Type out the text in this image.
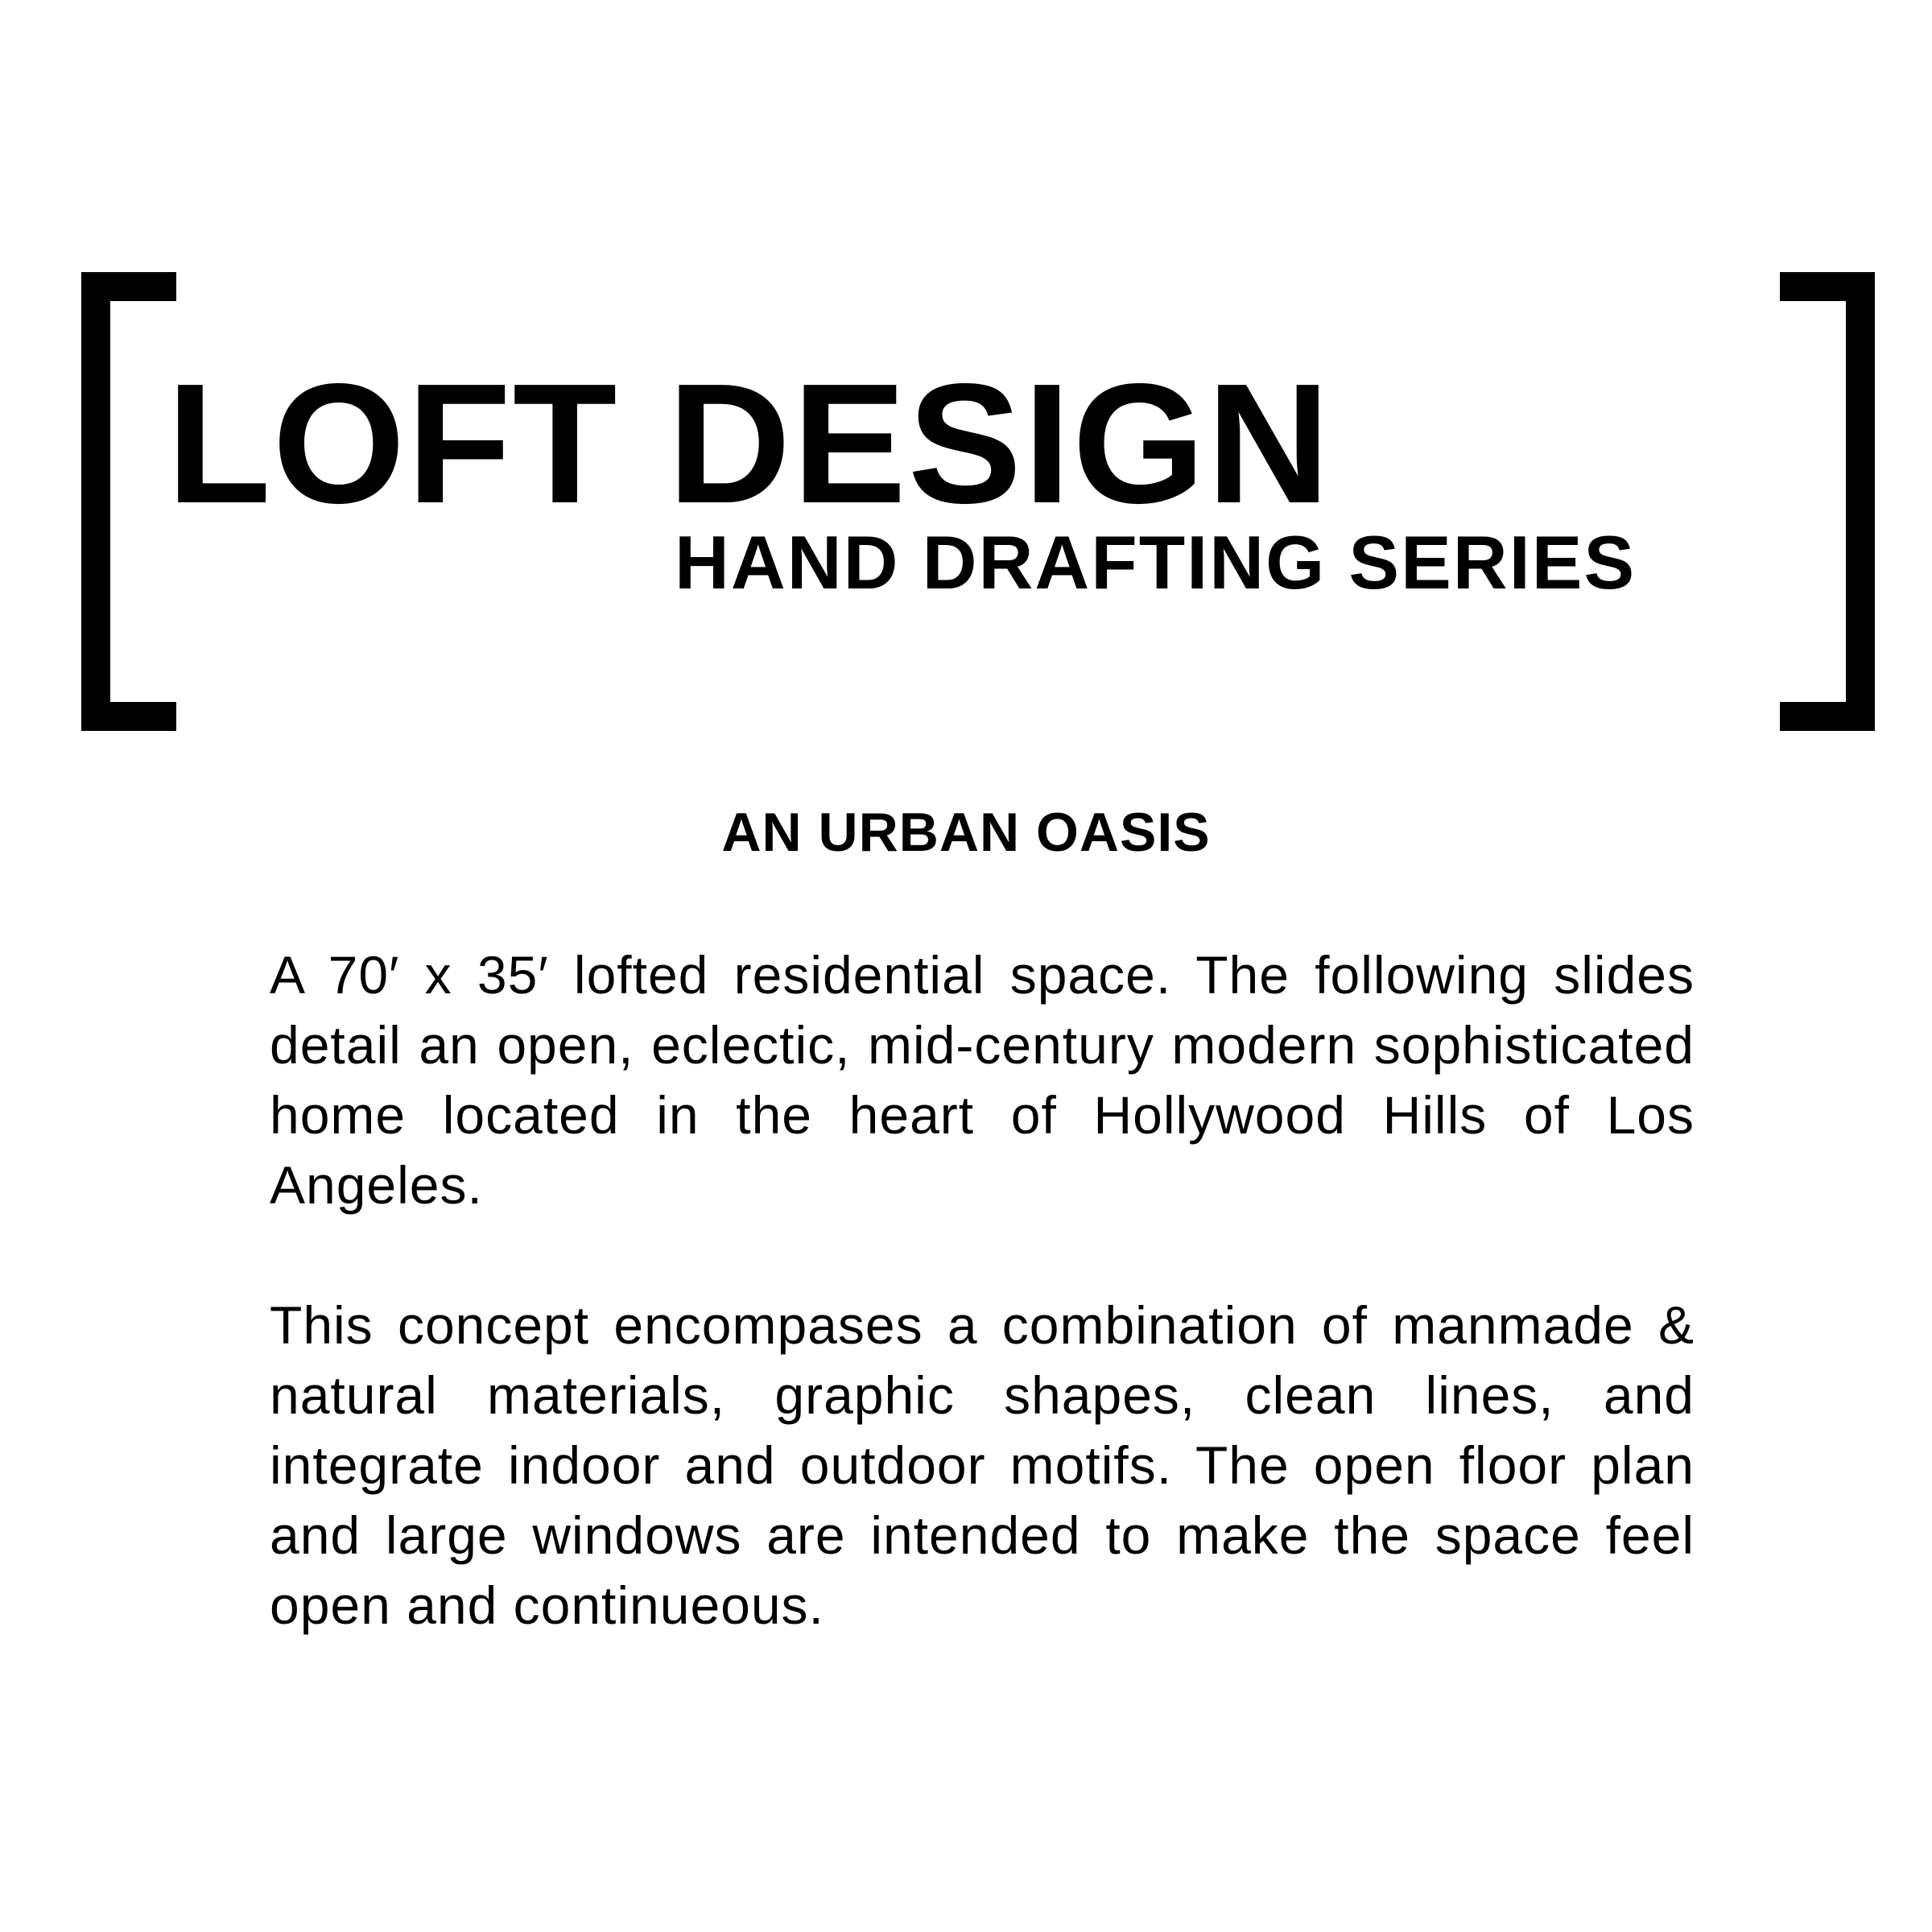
LOFT DESIGN
HAND DRAFTING SERIES
AN URBAN OASIS

A 70′ x 35′ lofted residential space. The following slides detail an open, eclectic, mid-century modern sophisticated home located in the heart of Hollywood Hills of Los Angeles.

This concept encompases a combination of manmade & natural materials, graphic shapes, clean lines, and integrate indoor and outdoor motifs. The open floor plan and large windows are intended to make the space feel open and continueous.
